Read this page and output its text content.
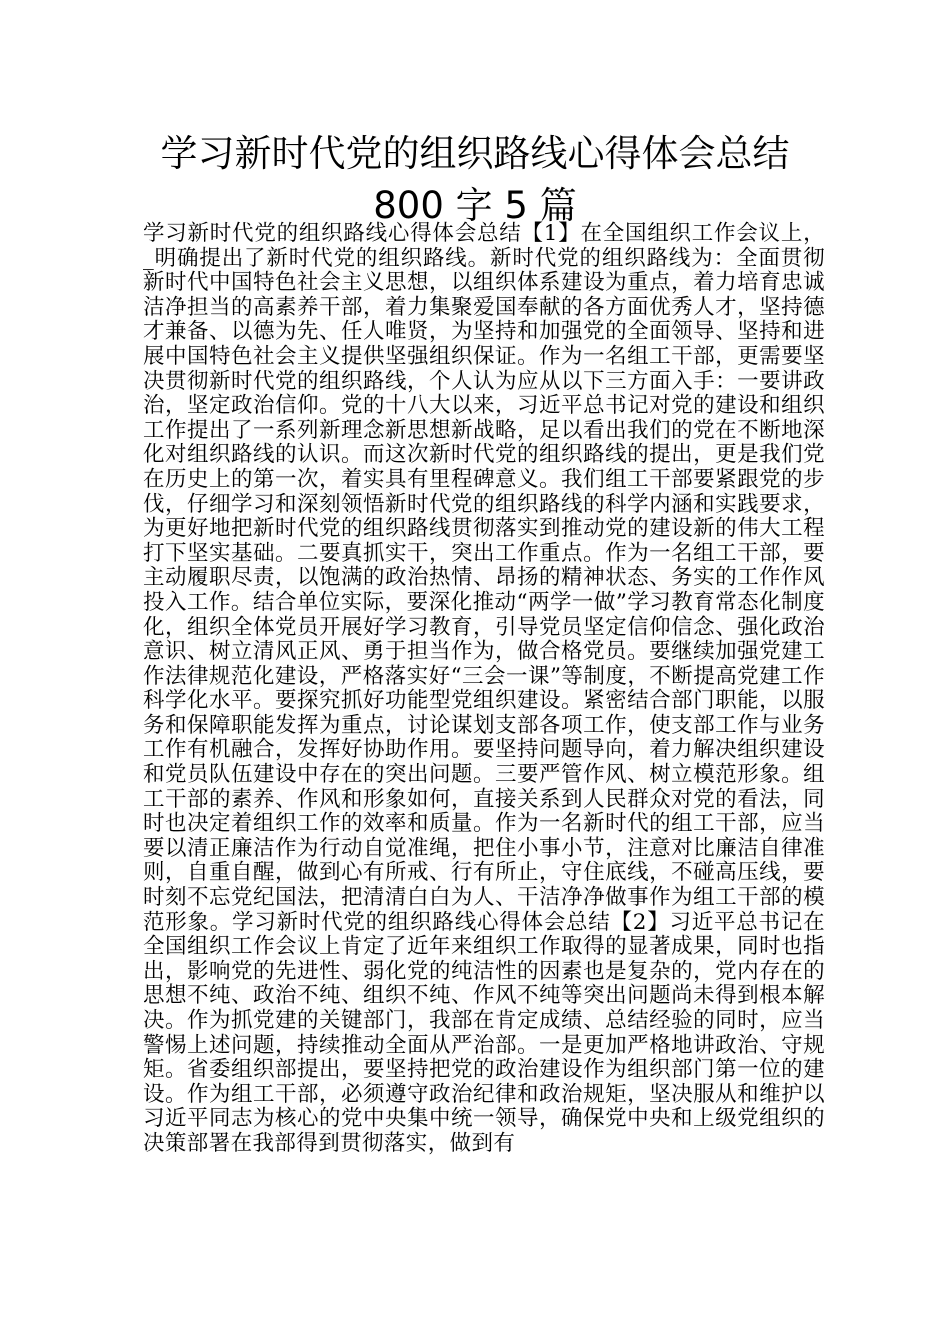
学习新时代党的组织路线心得体会总结
800 字 5 篇

学习新时代党的组织路线心得体会总结【1】在全国组织工作会议上，_明确提出了新时代党的组织路线。新时代党的组织路线为：全面贯彻新时代中国特色社会主义思想，以组织体系建设为重点，着力培育忠诚洁净担当的高素养干部，着力集聚爱国奉献的各方面优秀人才，坚持德才兼备、以德为先、任人唯贤，为坚持和加强党的全面领导、坚持和进展中国特色社会主义提供坚强组织保证。作为一名组工干部，更需要坚决贯彻新时代党的组织路线，个人认为应从以下三方面入手：一要讲政治，坚定政治信仰。党的十八大以来，习近平总书记对党的建设和组织工作提出了一系列新理念新思想新战略，足以看出我们的党在不断地深化对组织路线的认识。而这次新时代党的组织路线的提出，更是我们党在历史上的第一次，着实具有里程碑意义。我们组工干部要紧跟党的步伐，仔细学习和深刻领悟新时代党的组织路线的科学内涵和实践要求，为更好地把新时代党的组织路线贯彻落实到推动党的建设新的伟大工程打下坚实基础。二要真抓实干，突出工作重点。作为一名组工干部，要主动履职尽责，以饱满的政治热情、昂扬的精神状态、务实的工作作风投入工作。结合单位实际，要深化推动“两学一做”学习教育常态化制度化，组织全体党员开展好学习教育，引导党员坚定信仰信念、强化政治意识、树立清风正风、勇于担当作为，做合格党员。要继续加强党建工作法律规范化建设，严格落实好“三会一课”等制度，不断提高党建工作科学化水平。要探究抓好功能型党组织建设。紧密结合部门职能，以服务和保障职能发挥为重点，讨论谋划支部各项工作，使支部工作与业务工作有机融合，发挥好协助作用。要坚持问题导向，着力解决组织建设和党员队伍建设中存在的突出问题。三要严管作风、树立模范形象。组工干部的素养、作风和形象如何，直接关系到人民群众对党的看法，同时也决定着组织工作的效率和质量。作为一名新时代的组工干部，应当要以清正廉洁作为行动自觉准绳，把住小事小节，注意对比廉洁自律准则，自重自醒，做到心有所戒、行有所止，守住底线，不碰高压线，要时刻不忘党纪国法，把清清白白为人、干洁净净做事作为组工干部的模范形象。学习新时代党的组织路线心得体会总结【2】习近平总书记在全国组织工作会议上肯定了近年来组织工作取得的显著成果，同时也指出，影响党的先进性、弱化党的纯洁性的因素也是复杂的，党内存在的思想不纯、政治不纯、组织不纯、作风不纯等突出问题尚未得到根本解决。作为抓党建的关键部门，我部在肯定成绩、总结经验的同时，应当警惕上述问题，持续推动全面从严治部。一是更加严格地讲政治、守规矩。省委组织部提出，要坚持把党的政治建设作为组织部门第一位的建设。作为组工干部，必须遵守政治纪律和政治规矩，坚决服从和维护以习近平同志为核心的党中央集中统一领导，确保党中央和上级党组织的决策部署在我部得到贯彻落实，做到有
